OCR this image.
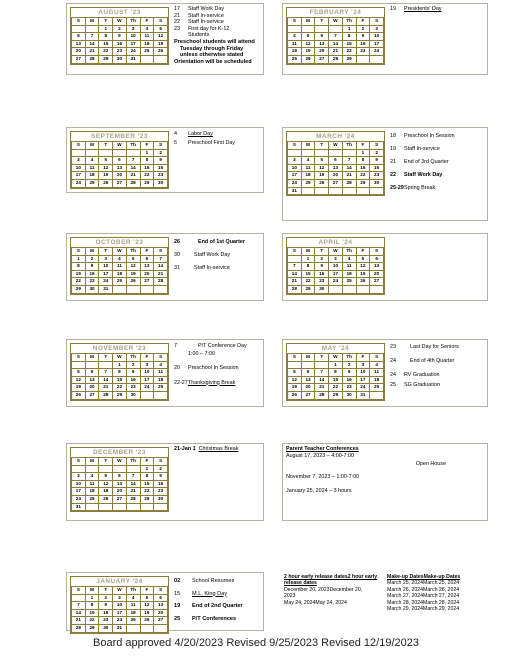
AUGUST '23
S	M	T	W	Th	F	S
		1	2	3	4	5
6	7	8	9	10	11	12
13	14	15	16	17	18	19
20	21	22	23	24	25	26
27	28	29	30	31		
17	Staff Work Day
21	Staff In-service
22	Staff In-service
23	First day for K-12
Students
Preschool students will attend
Tuesday through Friday
unless otherwise stated
Orientation will be scheduled
FEBRUARY '24
S	M	T	W	Th	F	S
				1	2	3
4	5	6	7	8	9	10
11	12	13	14	15	16	17
18	19	20	21	22	23	24
25	26	27	28	29		
19	Presidents' Day
SEPTEMBER '23
S	M	T	W	Th	F	S
					1	2
3	4	5	6	7	8	9
10	11	12	13	14	15	16
17	18	19	20	21	22	23
24	25	26	27	28	29	30
4	Labor Day
5	Preschool First Day
MARCH '24
S	M	T	W	Th	F	S
					1	2
3	4	5	6	7	8	9
10	11	12	13	14	15	16
17	18	19	20	21	22	23
24	25	26	27	28	29	30
31						
18	Preschool In Session
19	Staff In-service
21	End of 3rd Quarter
22	Staff Work Day
25-29 Spring Break
OCTOBER '23
S	M	T	W	Th	F	S
1	2	3	4	5	6	7
8	9	10	11	12	13	14
15	16	17	18	19	20	21
22	23	24	25	26	27	28
29	30	31				
26	End of 1st Quarter
30	Staff Work Day
31	Staff In-service
APRIL '24
S	M	T	W	Th	F	S
	1	2	3	4	5	6
7	8	9	10	11	12	13
14	15	16	17	18	19	20
21	22	23	24	25	26	27
28	29	30				
NOVEMBER '23
S	M	T	W	Th	F	S
			1	2	3	4
5	6	7	8	9	10	11
12	13	14	15	16	17	18
19	20	21	22	23	24	25
26	27	28	29	30		
7	P/T Conference Day
1:00 – 7:00
20	Preschool In Session
22-27 Thanksgiving Break
MAY '24
S	M	T	W	Th	F	S
			1	2	3	4
5	6	7	8	9	10	11
12	13	14	15	16	17	18
19	20	21	22	23	24	25
26	27	28	29	30	31	
23	Last Day for Seniors
24	End of 4th Quarter
24	RV Graduation
25	SG Graduation
DECEMBER '23
S	M	T	W	Th	F	S
					1	2
3	4	5	6	7	8	9
10	11	12	13	14	15	16
17	18	19	20	21	22	23
24	25	26	27	28	29	30
31						
21-Jan 1 Christmas Break	Parent Teacher Conferences
August 17, 2023 – 4:00-7:00
Open House
November 7, 2023 – 1:00-7:00
January 25, 2024 – 3 hours
JANUARY '24
S	M	T	W	Th	F	S
	1	2	3	4	5	6
7	8	9	10	11	12	13
14	15	16	17	18	19	20
21	22	23	24	25	26	27
28	29	30	31			
02	School Resumes
15	M.L. King Day
19	End of 2nd Quarter
25	P/T Conferences
2 hour early release dates2 hour early release dates
December 20, 2023December 20,
2023
May 24, 2024May 24, 2024
Make-up DatesMake-up Dates
March 25, 2024March 25, 2024
March 26, 2024March 26, 2024
March 27, 2024March 27, 2024
March 28, 2024March 28, 2024
March 29, 2024March 29, 2024
Board approved 4/20/2023 Revised 9/25/2023 Revised 12/19/2023
